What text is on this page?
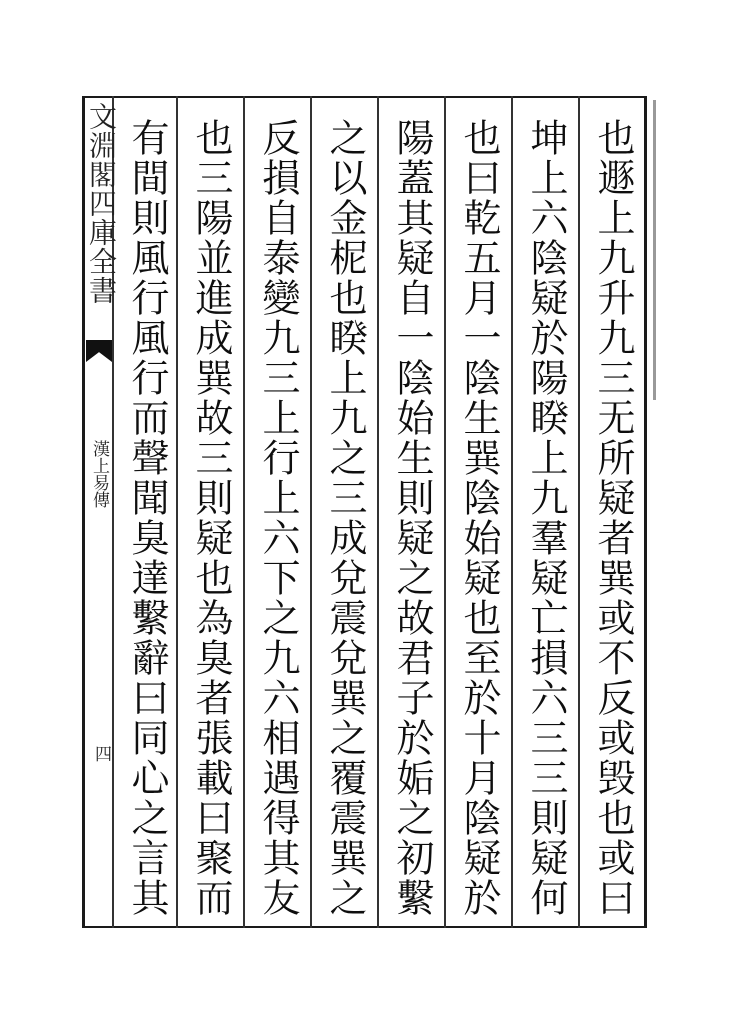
文淵閣四庫全書
漢上易傳
四	也遯上九升九三无所疑者巽或不反或毁也或曰
坤上六陰疑於陽睽上九羣疑亡損六三三則疑何
也曰乾五月一陰生巽陰始疑也至於十月陰疑於
陽蓋其疑自一陰始生則疑之故君子於姤之初繫
之以金柅也睽上九之三成兌震兌巽之覆震巽之
反損自泰變九三上行上六下之九六相遇得其友
也三陽並進成巽故三則疑也為臭者張載曰聚而
有間則風行風行而聲聞臭達繫辭曰同心之言其
